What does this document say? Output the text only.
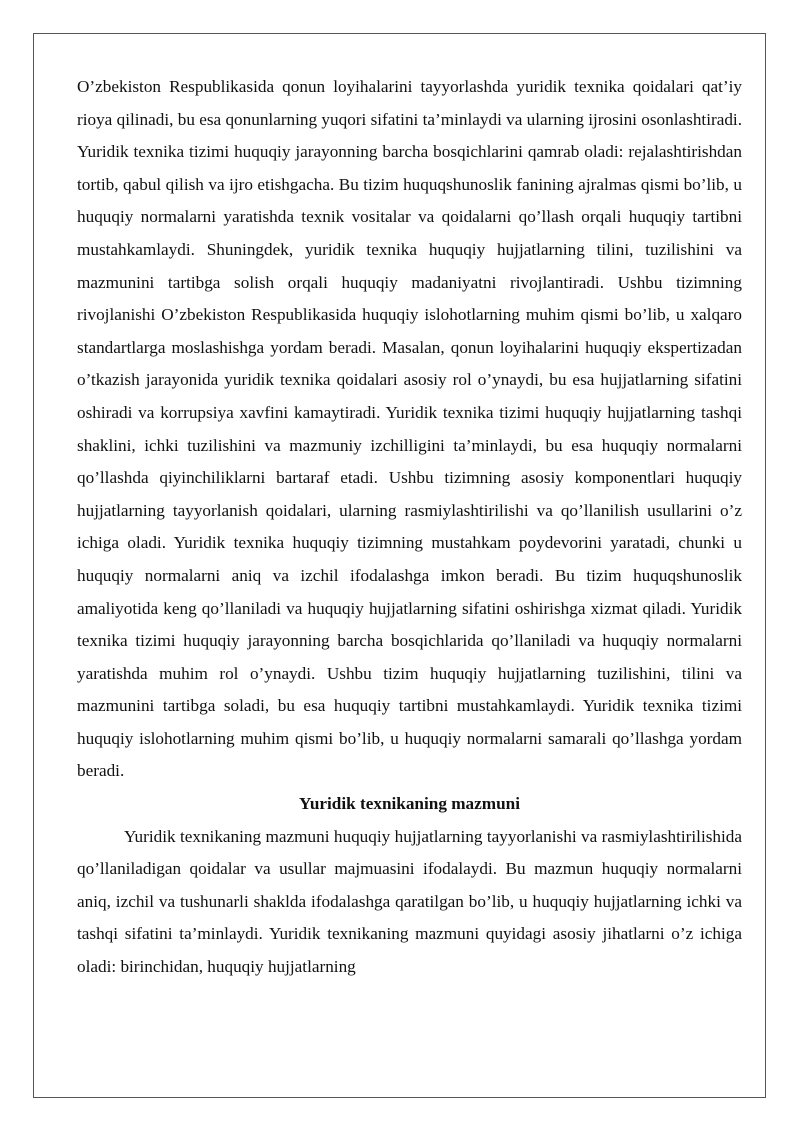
O’zbekiston Respublikasida qonun loyihalarini tayyorlashda yuridik texnika qoidalari qat’iy rioya qilinadi, bu esa qonunlarning yuqori sifatini ta’minlaydi va ularning ijrosini osonlashtiradi. Yuridik texnika tizimi huquqiy jarayonning barcha bosqichlarini qamrab oladi: rejalashtirishdan tortib, qabul qilish va ijro etishgacha. Bu tizim huquqshunoslik fanining ajralmas qismi bo’lib, u huquqiy normalarni yaratishda texnik vositalar va qoidalarni qo’llash orqali huquqiy tartibni mustahkamlaydi. Shuningdek, yuridik texnika huquqiy hujjatlarning tilini, tuzilishini va mazmunini tartibga solish orqali huquqiy madaniyatni rivojlantiradi. Ushbu tizimning rivojlanishi O’zbekiston Respublikasida huquqiy islohotlarning muhim qismi bo’lib, u xalqaro standartlarga moslashishga yordam beradi. Masalan, qonun loyihalarini huquqiy ekspertizadan o’tkazish jarayonida yuridik texnika qoidalari asosiy rol o’ynaydi, bu esa hujjatlarning sifatini oshiradi va korrupsiya xavfini kamaytiradi. Yuridik texnika tizimi huquqiy hujjatlarning tashqi shaklini, ichki tuzilishini va mazmuniy izchilligini ta’minlaydi, bu esa huquqiy normalarni qo’llashda qiyinchiliklarni bartaraf etadi. Ushbu tizimning asosiy komponentlari huquqiy hujjatlarning tayyorlanish qoidalari, ularning rasmiylashtirilishi va qo’llanilish usullarini o’z ichiga oladi. Yuridik texnika huquqiy tizimning mustahkam poydevorini yaratadi, chunki u huquqiy normalarni aniq va izchil ifodalashga imkon beradi. Bu tizim huquqshunoslik amaliyotida keng qo’llaniladi va huquqiy hujjatlarning sifatini oshirishga xizmat qiladi. Yuridik texnika tizimi huquqiy jarayonning barcha bosqichlarida qo’llaniladi va huquqiy normalarni yaratishda muhim rol o’ynaydi. Ushbu tizim huquqiy hujjatlarning tuzilishini, tilini va mazmunini tartibga soladi, bu esa huquqiy tartibni mustahkamlaydi. Yuridik texnika tizimi huquqiy islohotlarning muhim qismi bo’lib, u huquqiy normalarni samarali qo’llashga yordam beradi.

Yuridik texnikaning mazmuni

Yuridik texnikaning mazmuni huquqiy hujjatlarning tayyorlanishi va rasmiylashtirilishida qo’llaniladigan qoidalar va usullar majmuasini ifodalaydi. Bu mazmun huquqiy normalarni aniq, izchil va tushunarli shaklda ifodalashga qaratilgan bo’lib, u huquqiy hujjatlarning ichki va tashqi sifatini ta’minlaydi. Yuridik texnikaning mazmuni quyidagi asosiy jihatlarni o’z ichiga oladi: birinchidan, huquqiy hujjatlarning
